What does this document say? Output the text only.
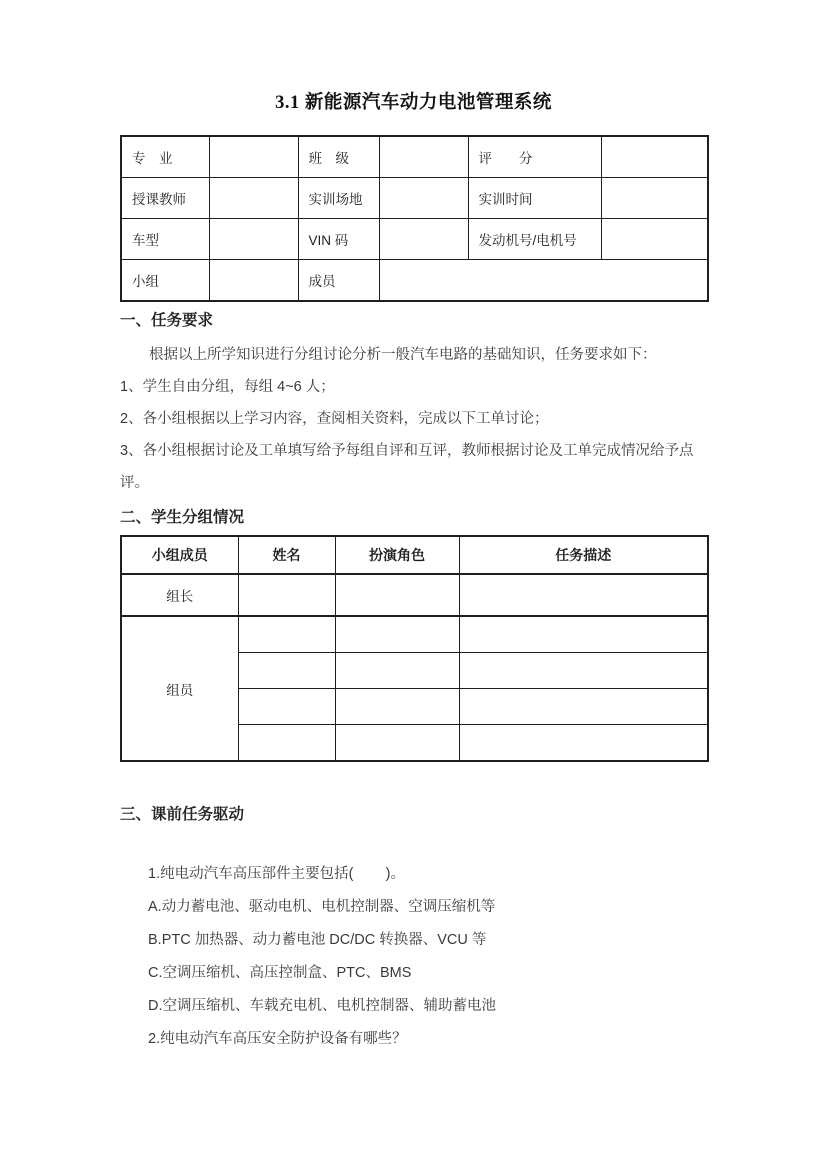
3.1 新能源汽车动力电池管理系统
专　业		班　级		评　　分	
授课教师		实训场地		实训时间	
车型		VIN 码		发动机号/电机号	
小组		成员			
一、任务要求

根据以上所学知识进行分组讨论分析一般汽车电路的基础知识，任务要求如下：

1、学生自由分组，每组 4~6 人；

2、各小组根据以上学习内容，查阅相关资料，完成以下工单讨论；

3、各小组根据讨论及工单填写给予每组自评和互评，教师根据讨论及工单完成情况给予点评。

二、学生分组情况
小组成员	姓名	扮演角色	任务描述
组长			
组员			

三、课前任务驱动

1.纯电动汽车高压部件主要包括(        )。

A.动力蓄电池、驱动电机、电机控制器、空调压缩机等

B.PTC 加热器、动力蓄电池 DC/DC 转换器、VCU 等

C.空调压缩机、高压控制盒、PTC、BMS

D.空调压缩机、车载充电机、电机控制器、辅助蓄电池

2.纯电动汽车高压安全防护设备有哪些？
